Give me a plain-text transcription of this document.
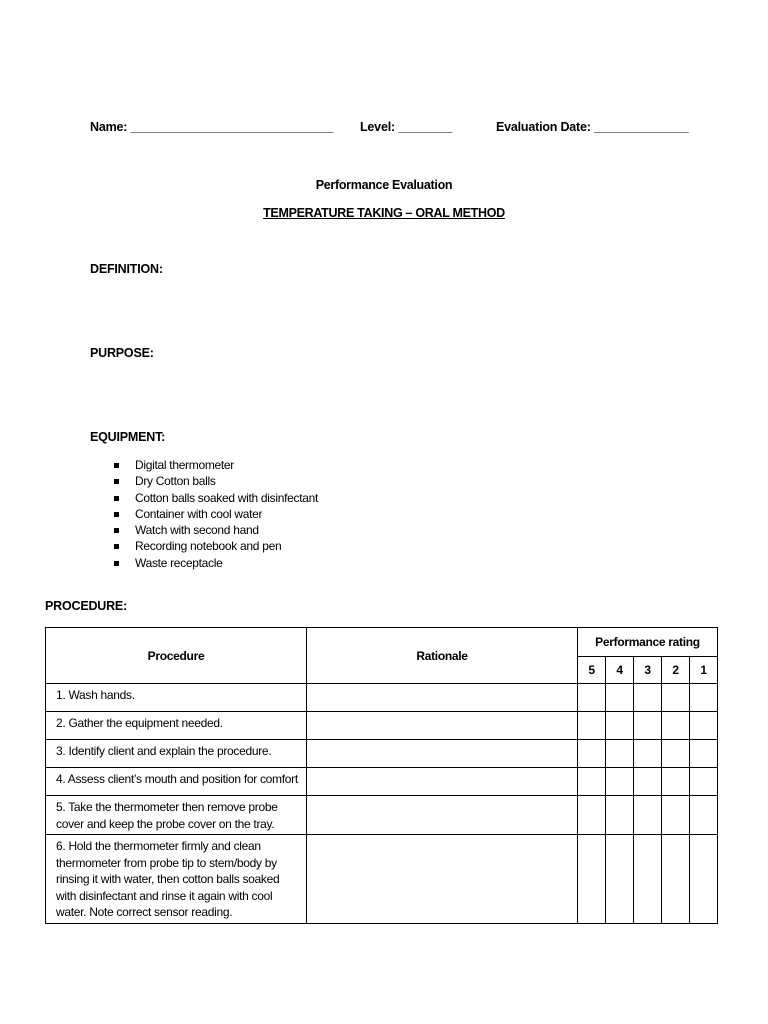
Name: ______________________________ Level: ________	Evaluation Date: ______________
Performance Evaluation
TEMPERATURE TAKING – ORAL METHOD
DEFINITION:
PURPOSE:
EQUIPMENT:
Digital thermometer
Dry Cotton balls
Cotton balls soaked with disinfectant
Container with cool water
Watch with second hand
Recording notebook and pen
Waste receptacle
PROCEDURE:
Procedure	Rationale	Performance rating				
		5	4	3	2	1
1. Wash hands.						
2. Gather the equipment needed.						
3. Identify client and explain the procedure.						
4. Assess client’s mouth and position for comfort						
5. Take the thermometer then remove probe cover and keep the probe cover on the tray.						
6. Hold the thermometer firmly and clean thermometer from probe tip to stem/body by rinsing it with water, then cotton balls soaked with disinfectant and rinse it again with cool water. Note correct sensor reading.						
